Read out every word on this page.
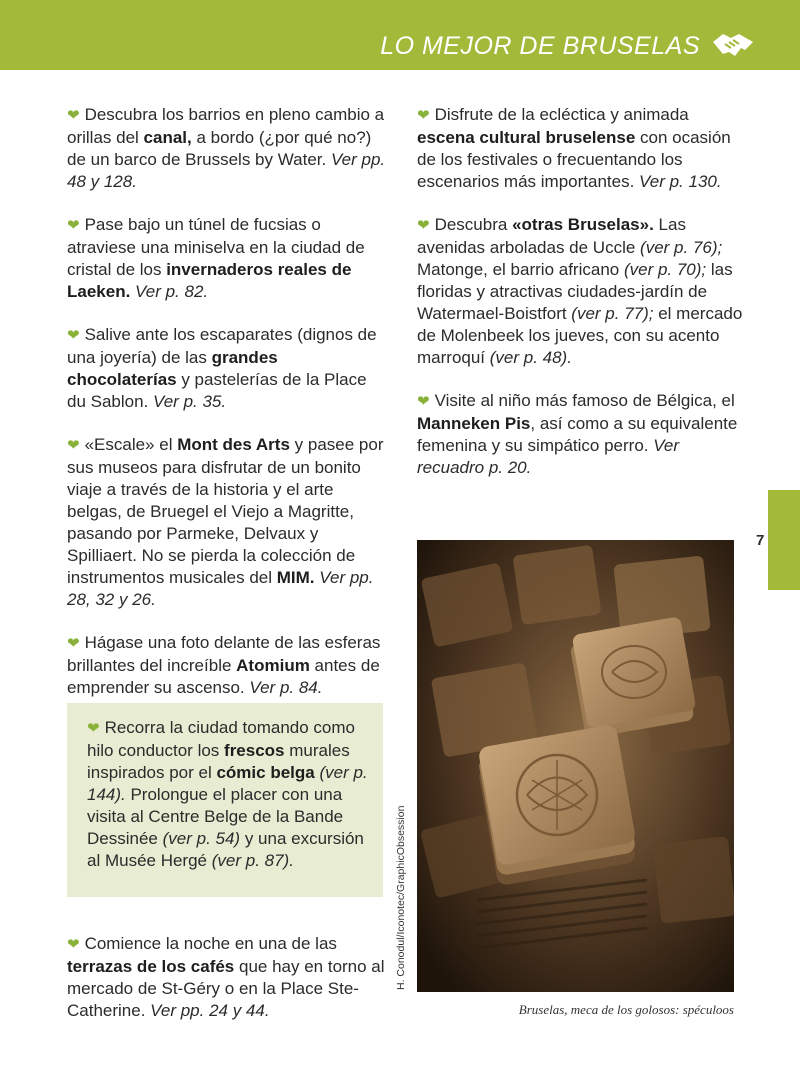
LO MEJOR DE BRUSELAS
7

❤ Descubra los barrios en pleno cambio a orillas del canal, a bordo (¿por qué no?) de un barco de Brussels by Water. Ver pp. 48 y 128.

❤ Pase bajo un túnel de fucsias o atraviese una miniselva en la ciudad de cristal de los invernaderos reales de Laeken. Ver p. 82.

❤ Salive ante los escaparates (dignos de una joyería) de las grandes chocolaterías y pastelerías de la Place du Sablon. Ver p. 35.

❤ «Escale» el Mont des Arts y pasee por sus museos para disfrutar de un bonito viaje a través de la historia y el arte belgas, de Bruegel el Viejo a Magritte, pasando por Parmeke, Delvaux y Spilliaert. No se pierda la colección de instrumentos musicales del MIM. Ver pp. 28, 32 y 26.

❤ Hágase una foto delante de las esferas brillantes del increíble Atomium antes de emprender su ascenso. Ver p. 84.

❤ Recorra la ciudad tomando como hilo conductor los frescos murales inspirados por el cómic belga (ver p. 144). Prolongue el placer con una visita al Centre Belge de la Bande Dessinée (ver p. 54) y una excursión al Musée Hergé (ver p. 87).
❤ Comience la noche en una de las terrazas de los cafés que hay en torno al mercado de St-Géry o en la Place Ste-Catherine. Ver pp. 24 y 44.

❤ Disfrute de la ecléctica y animada escena cultural bruselense con ocasión de los festivales o frecuentando los escenarios más importantes. Ver p. 130.

❤ Descubra «otras Bruselas». Las avenidas arboladas de Uccle (ver p. 76); Matonge, el barrio africano (ver p. 70); las floridas y atractivas ciudades-jardín de Watermael-Boistfort (ver p. 77); el mercado de Molenbeek los jueves, con su acento marroquí (ver p. 48).

❤ Visite al niño más famoso de Bélgica, el Manneken Pis, así como a su equivalente femenina y su simpático perro. Ver recuadro p. 20.

H. Conodul/Iconotec/GraphicObsession
Bruselas, meca de los golosos: spéculoos
